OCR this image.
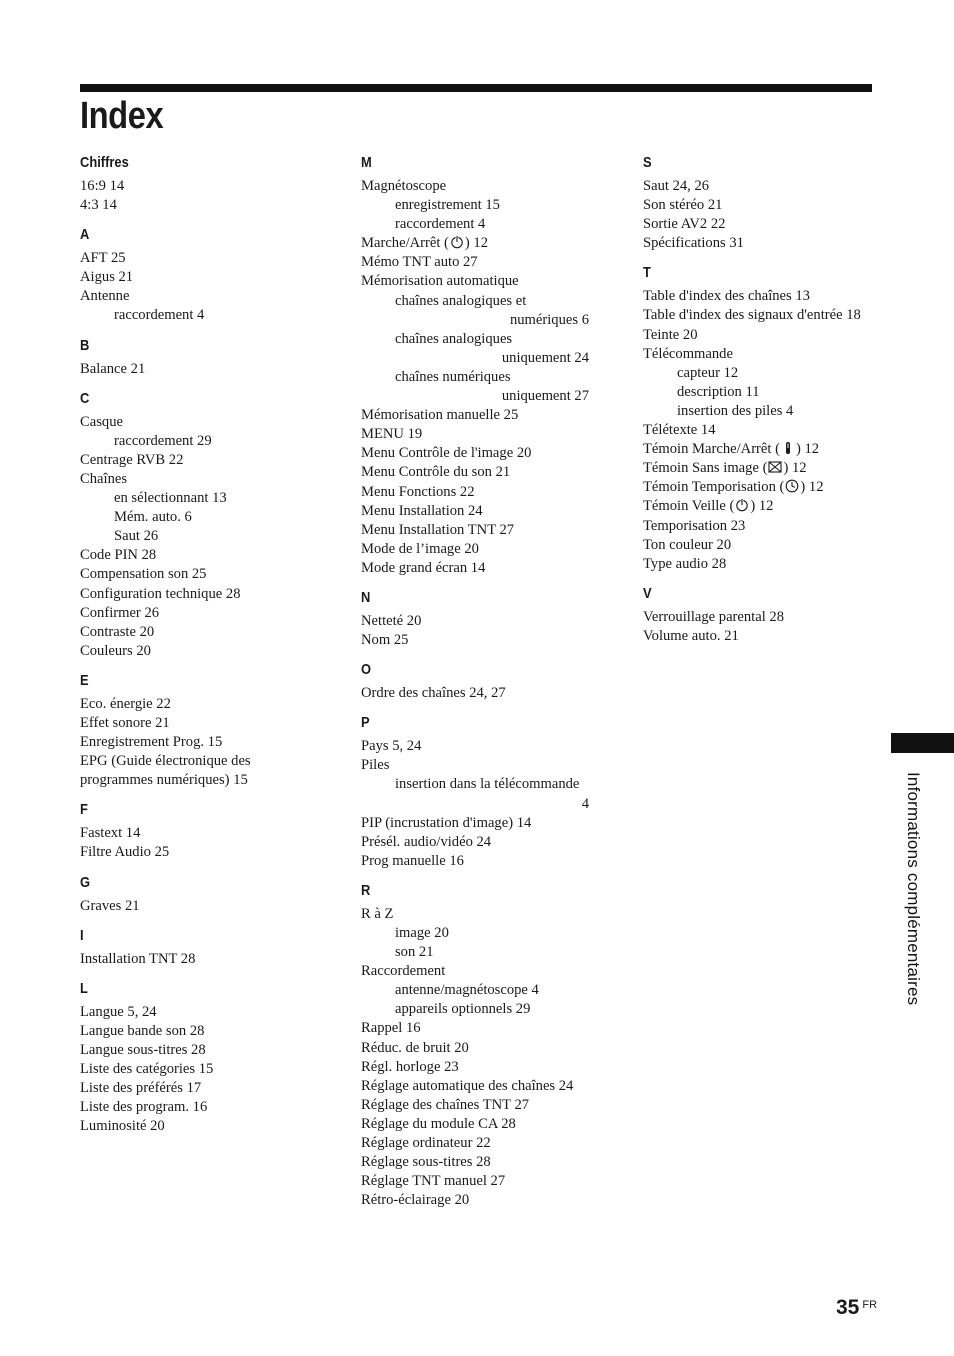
Index
Chiffres
16:9 14
4:3 14
A
AFT 25
Aigus 21
Antenne
raccordement 4
B
Balance 21
C
Casque
raccordement 29
Centrage RVB 22
Chaînes
en sélectionnant 13
Mém. auto. 6
Saut 26
Code PIN 28
Compensation son 25
Configuration technique 28
Confirmer 26
Contraste 20
Couleurs 20
E
Eco. énergie 22
Effet sonore 21
Enregistrement Prog. 15
EPG (Guide électronique des
programmes numériques) 15
F
Fastext 14
Filtre Audio 25
G
Graves 21
I
Installation TNT 28
L
Langue 5, 24
Langue bande son 28
Langue sous-titres 28
Liste des catégories 15
Liste des préférés 17
Liste des program. 16
Luminosité 20
M
Magnétoscope
enregistrement 15
raccordement 4
Marche/Arrêt ( ) 12
Mémo TNT auto 27
Mémorisation automatique
chaînes analogiques et
numériques 6
chaînes analogiques
uniquement 24
chaînes numériques
uniquement 27
Mémorisation manuelle 25
MENU 19
Menu Contrôle de l'image 20
Menu Contrôle du son 21
Menu Fonctions 22
Menu Installation 24
Menu Installation TNT 27
Mode de l’image 20
Mode grand écran 14
N
Netteté 20
Nom 25
O
Ordre des chaînes 24, 27
P
Pays 5, 24
Piles
insertion dans la télécommande
4
PIP (incrustation d'image) 14
Présél. audio/vidéo 24
Prog manuelle 16
R
R à Z
image 20
son 21
Raccordement
antenne/magnétoscope 4
appareils optionnels 29
Rappel 16
Réduc. de bruit 20
Régl. horloge 23
Réglage automatique des chaînes 24
Réglage des chaînes TNT 27
Réglage du module CA 28
Réglage ordinateur 22
Réglage sous-titres 28
Réglage TNT manuel 27
Rétro-éclairage 20
S
Saut 24, 26
Son stéréo 21
Sortie AV2 22
Spécifications 31
T
Table d'index des chaînes 13
Table d'index des signaux d'entrée 18
Teinte 20
Télécommande
capteur 12
description 11
insertion des piles 4
Télétexte 14
Témoin Marche/Arrêt ( ) 12
Témoin Sans image ( ) 12
Témoin Temporisation ( ) 12
Témoin Veille ( ) 12
Temporisation 23
Ton couleur 20
Type audio 28
V
Verrouillage parental 28
Volume auto. 21
Informations complémentaires
35 $^{FR}$
